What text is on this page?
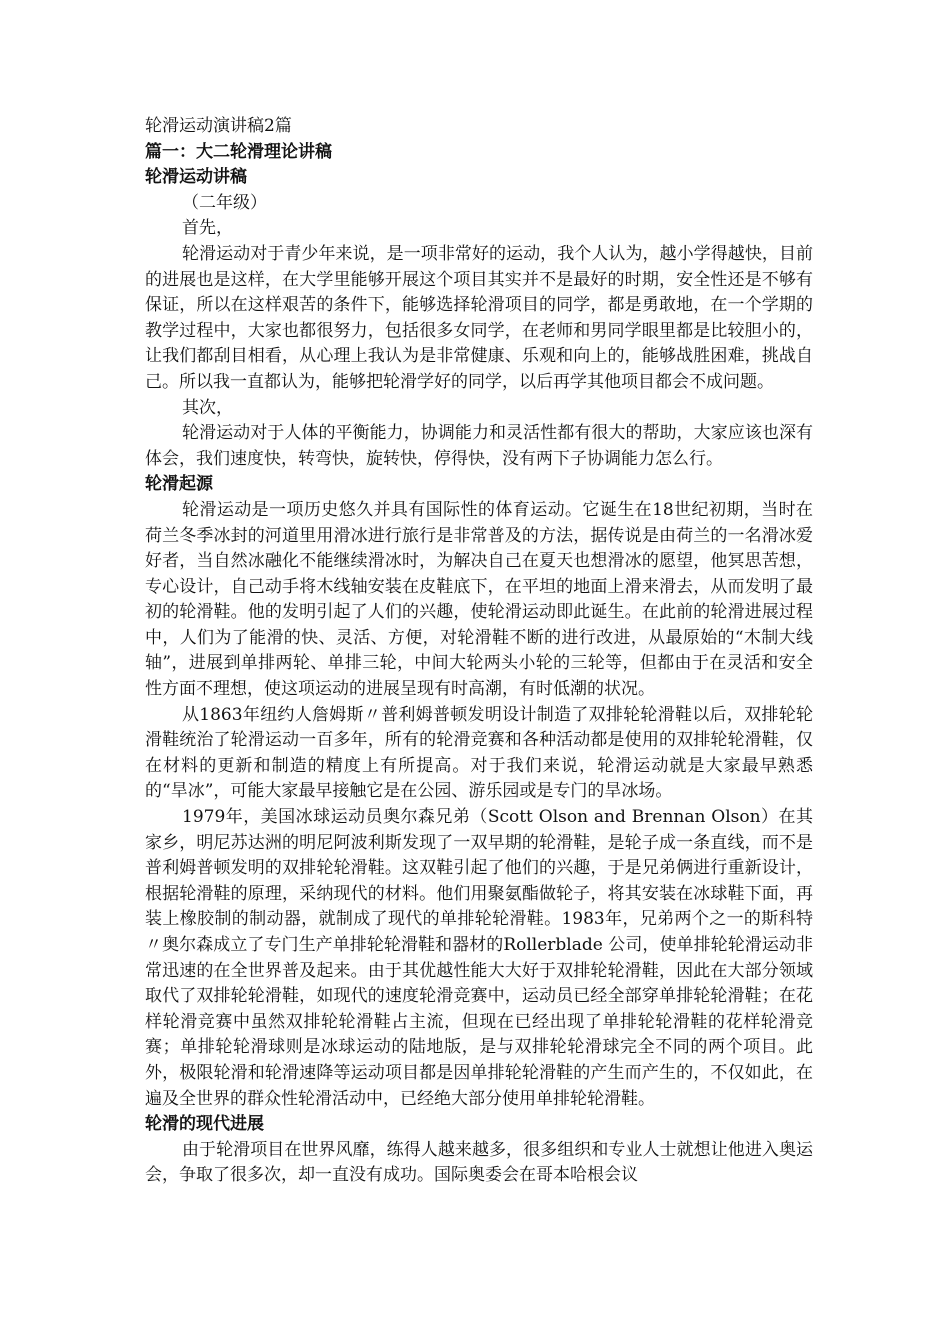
轮滑运动演讲稿2篇

篇一：大二轮滑理论讲稿

轮滑运动讲稿

（二年级）

首先，

轮滑运动对于青少年来说，是一项非常好的运动，我个人认为，越小学得越快，目前的进展也是这样，在大学里能够开展这个项目其实并不是最好的时期，安全性还是不够有保证，所以在这样艰苦的条件下，能够选择轮滑项目的同学，都是勇敢地，在一个学期的教学过程中，大家也都很努力，包括很多女同学，在老师和男同学眼里都是比较胆小的，让我们都刮目相看，从心理上我认为是非常健康、乐观和向上的，能够战胜困难，挑战自己。所以我一直都认为，能够把轮滑学好的同学，以后再学其他项目都会不成问题。

其次，

轮滑运动对于人体的平衡能力，协调能力和灵活性都有很大的帮助，大家应该也深有体会，我们速度快，转弯快，旋转快，停得快，没有两下子协调能力怎么行。

轮滑起源

轮滑运动是一项历史悠久并具有国际性的体育运动。它诞生在18世纪初期，当时在荷兰冬季冰封的河道里用滑冰进行旅行是非常普及的方法，据传说是由荷兰的一名滑冰爱好者，当自然冰融化不能继续滑冰时，为解决自己在夏天也想滑冰的愿望，他冥思苦想，专心设计，自己动手将木线轴安装在皮鞋底下，在平坦的地面上滑来滑去，从而发明了最初的轮滑鞋。他的发明引起了人们的兴趣，使轮滑运动即此诞生。在此前的轮滑进展过程中，人们为了能滑的快、灵活、方便，对轮滑鞋不断的进行改进，从最原始的“木制大线轴”，进展到单排两轮、单排三轮，中间大轮两头小轮的三轮等，但都由于在灵活和安全性方面不理想，使这项运动的进展呈现有时高潮，有时低潮的状况。

从1863年纽约人詹姆斯〃普利姆普顿发明设计制造了双排轮轮滑鞋以后，双排轮轮滑鞋统治了轮滑运动一百多年，所有的轮滑竞赛和各种活动都是使用的双排轮轮滑鞋，仅在材料的更新和制造的精度上有所提高。对于我们来说，轮滑运动就是大家最早熟悉的“旱冰”，可能大家最早接触它是在公园、游乐园或是专门的旱冰场。

1979年，美国冰球运动员奥尔森兄弟（Scott Olson and Brennan Olson）在其家乡，明尼苏达洲的明尼阿波利斯发现了一双早期的轮滑鞋，是轮子成一条直线，而不是普利姆普顿发明的双排轮轮滑鞋。这双鞋引起了他们的兴趣，于是兄弟俩进行重新设计，根据轮滑鞋的原理，采纳现代的材料。他们用聚氨酯做轮子，将其安装在冰球鞋下面，再装上橡胶制的制动器，就制成了现代的单排轮轮滑鞋。1983年，兄弟两个之一的斯科特〃奥尔森成立了专门生产单排轮轮滑鞋和器材的Rollerblade 公司，使单排轮轮滑运动非常迅速的在全世界普及起来。由于其优越性能大大好于双排轮轮滑鞋，因此在大部分领域取代了双排轮轮滑鞋，如现代的速度轮滑竞赛中，运动员已经全部穿单排轮轮滑鞋；在花样轮滑竞赛中虽然双排轮轮滑鞋占主流，但现在已经出现了单排轮轮滑鞋的花样轮滑竞赛；单排轮轮滑球则是冰球运动的陆地版，是与双排轮轮滑球完全不同的两个项目。此外，极限轮滑和轮滑速降等运动项目都是因单排轮轮滑鞋的产生而产生的，不仅如此，在遍及全世界的群众性轮滑活动中，已经绝大部分使用单排轮轮滑鞋。

轮滑的现代进展

由于轮滑项目在世界风靡，练得人越来越多，很多组织和专业人士就想让他进入奥运会，争取了很多次，却一直没有成功。国际奥委会在哥本哈根会议
